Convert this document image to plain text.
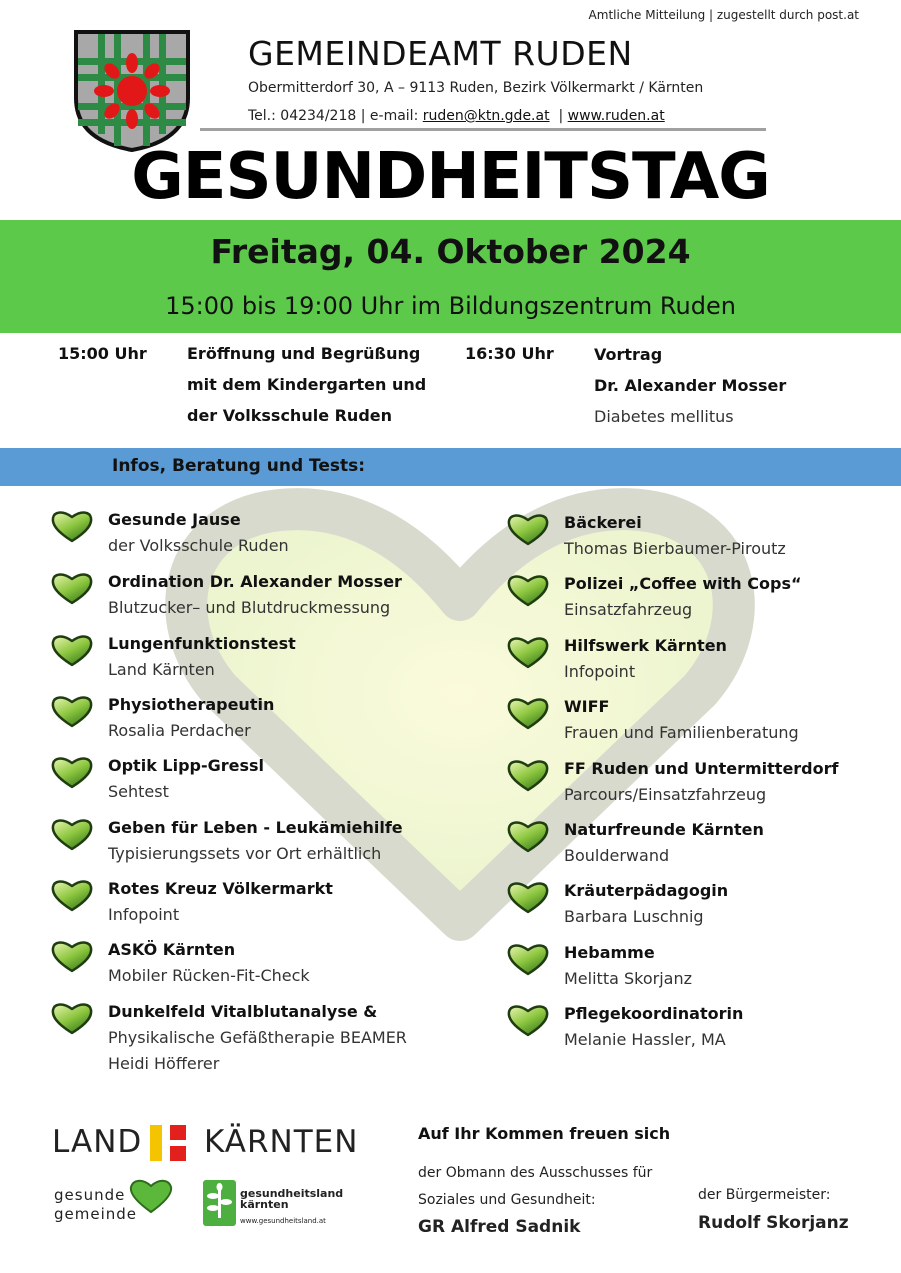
Amtliche Mitteilung | zugestellt durch post.at
GEMEINDEAMT RUDEN
Obermitterdorf 30, A – 9113 Ruden, Bezirk Völkermarkt / Kärnten
Tel.: 04234/218 | e-mail: ruden@ktn.gde.at | www.ruden.at
GESUNDHEITSTAG
Freitag, 04. Oktober 2024
15:00 bis 19:00 Uhr im Bildungszentrum Ruden
15:00 Uhr	Eröffnung und Begrüßung
mit dem Kindergarten und
der Volksschule Ruden
16:30 Uhr	Vortrag
Dr. Alexander Mosser
Diabetes mellitus
Infos, Beratung und Tests:
Gesunde Jause
der Volksschule Ruden
Ordination Dr. Alexander Mosser
Blutzucker– und Blutdruckmessung
Lungenfunktionstest
Land Kärnten
Physiotherapeutin
Rosalia Perdacher
Optik Lipp-Gressl
Sehtest
Geben für Leben - Leukämiehilfe
Typisierungssets vor Ort erhältlich
Rotes Kreuz Völkermarkt
Infopoint
ASKÖ Kärnten
Mobiler Rücken-Fit-Check
Dunkelfeld Vitalblutanalyse &
Physikalische Gefäßtherapie BEAMER
Heidi Höfferer
Bäckerei
Thomas Bierbaumer-Piroutz
Polizei „Coffee with Cops“
Einsatzfahrzeug
Hilfswerk Kärnten
Infopoint
WIFF
Frauen und Familienberatung
FF Ruden und Untermitterdorf
Parcours/Einsatzfahrzeug
Naturfreunde Kärnten
Boulderwand
Kräuterpädagogin
Barbara Luschnig
Hebamme
Melitta Skorjanz
Pflegekoordinatorin
Melanie Hassler, MA
LAND KÄRNTEN
gesunde
gemeinde
gesundheitsland
kärnten
www.gesundheitsland.at
Auf Ihr Kommen freuen sich
der Obmann des Ausschusses für
Soziales und Gesundheit:
GR Alfred Sadnik
der Bürgermeister:
Rudolf Skorjanz
